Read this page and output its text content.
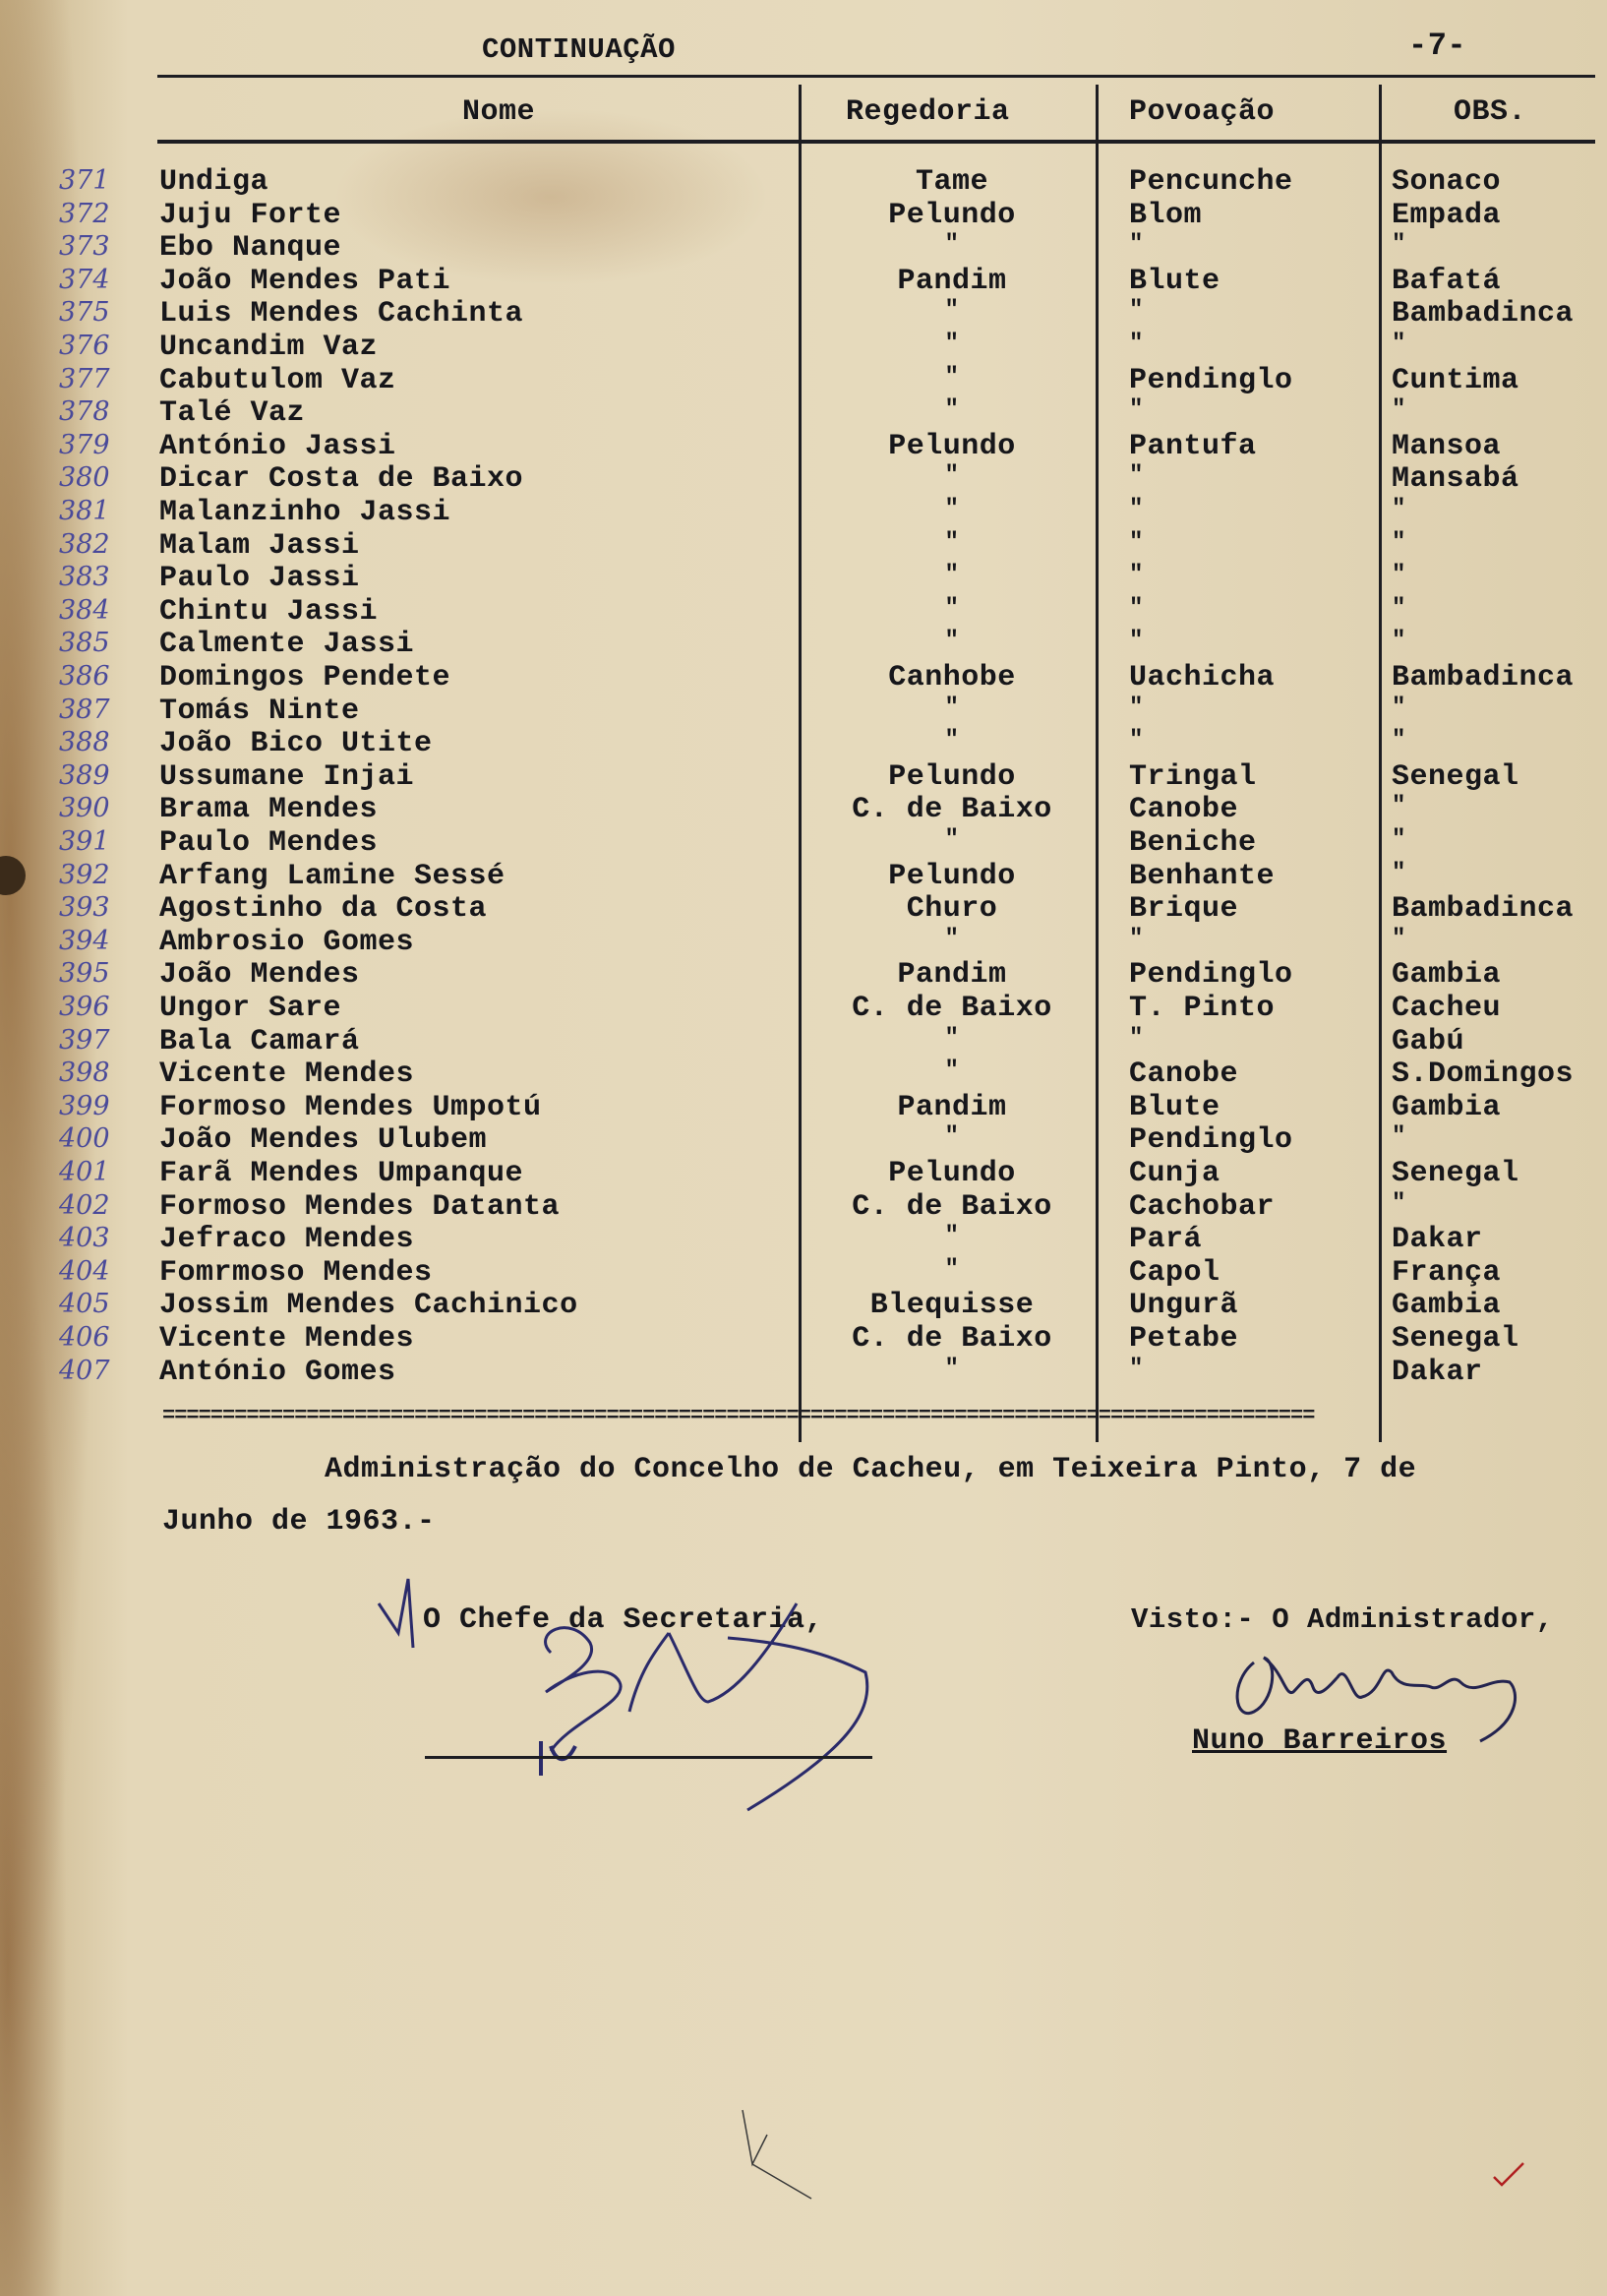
CONTINUAÇÃO	-7-
Nome	Regedoria	Povoação	OBS.
371	Undiga	Tame	Pencunche	Sonaco
372	Juju Forte	Pelundo	Blom	Empada
373	Ebo Nanque	"	"	"
374	João Mendes Pati	Pandim	Blute	Bafatá
375	Luis Mendes Cachinta	"	"	Bambadinca
376	Uncandim Vaz	"	"	"
377	Cabutulom Vaz	"	Pendinglo	Cuntima
378	Talé Vaz	"	"	"
379	António Jassi	Pelundo	Pantufa	Mansoa
380	Dicar Costa de Baixo	"	"	Mansabá
381	Malanzinho Jassi	"	"	"
382	Malam Jassi	"	"	"
383	Paulo Jassi	"	"	"
384	Chintu Jassi	"	"	"
385	Calmente Jassi	"	"	"
386	Domingos Pendete	Canhobe	Uachicha	Bambadinca
387	Tomás Ninte	"	"	"
388	João Bico Utite	"	"	"
389	Ussumane Injai	Pelundo	Tringal	Senegal
390	Brama Mendes	C. de Baixo	Canobe	"
391	Paulo Mendes	"	Beniche	"
392	Arfang Lamine Sessé	Pelundo	Benhante	"
393	Agostinho da Costa	Churo	Brique	Bambadinca
394	Ambrosio Gomes	"	"	"
395	João Mendes	Pandim	Pendinglo	Gambia
396	Ungor Sare	C. de Baixo	T. Pinto	Cacheu
397	Bala Camará	"	"	Gabú
398	Vicente Mendes	"	Canobe	S.Domingos
399	Formoso Mendes Umpotú	Pandim	Blute	Gambia
400	João Mendes Ulubem	"	Pendinglo	"
401	Farã Mendes Umpanque	Pelundo	Cunja	Senegal
402	Formoso Mendes Datanta	C. de Baixo	Cachobar	"
403	Jefraco Mendes	"	Pará	Dakar
404	Fomrmoso Mendes	"	Capol	França
405	Jossim Mendes Cachinico	Blequisse	Ungurã	Gambia
406	Vicente Mendes	C. de Baixo	Petabe	Senegal
407	António Gomes	"	"	Dakar
================================================================================================
Administração do Concelho de Cacheu, em Teixeira Pinto, 7 de
Junho de 1963.-
O Chefe da Secretaria,	Visto:- O Administrador,
Nuno Barreiros
